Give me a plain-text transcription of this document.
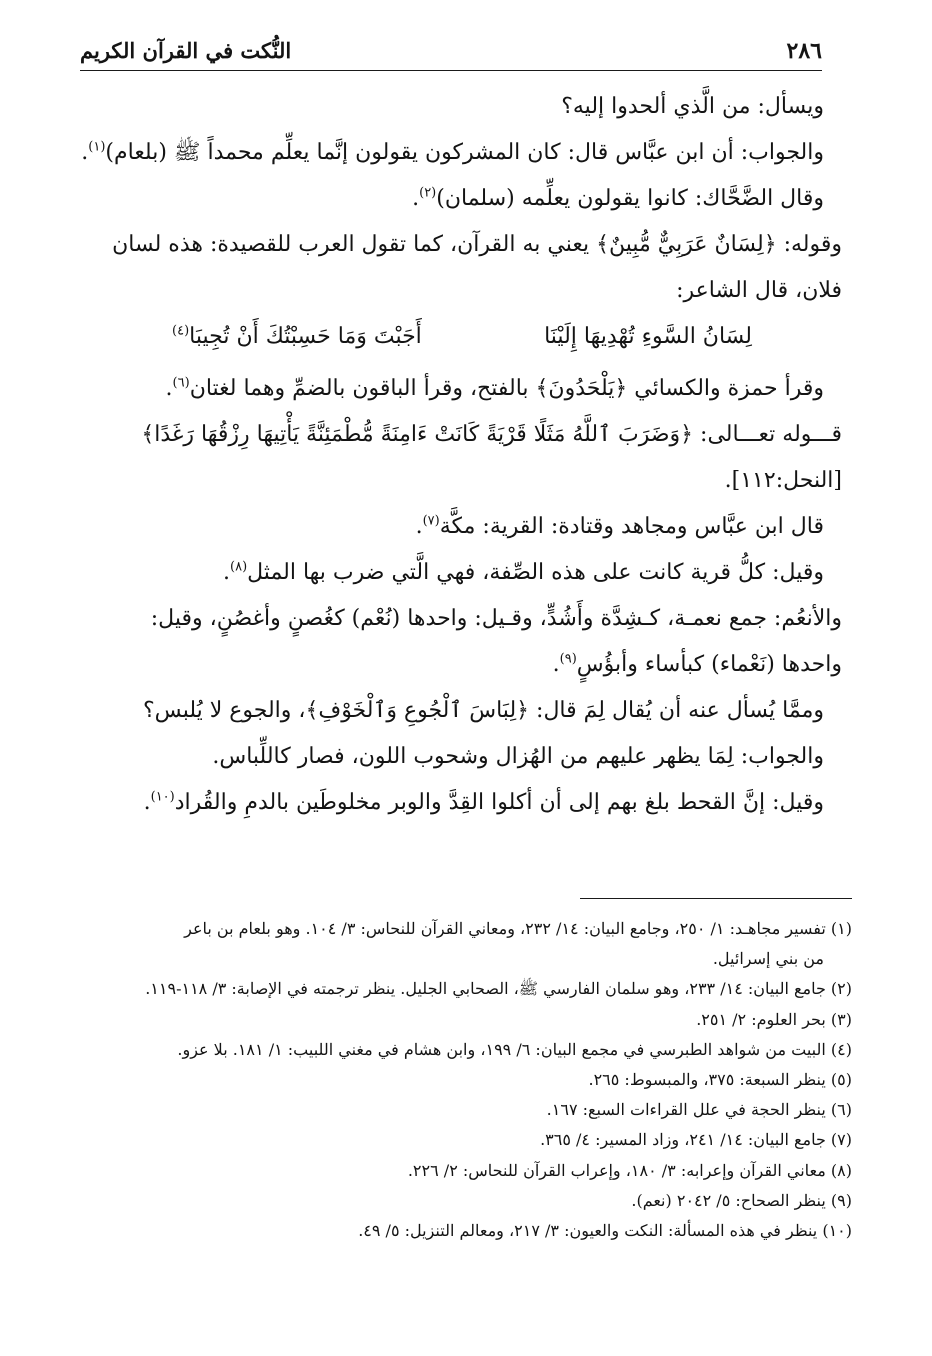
٢٨٦
النُّكت في القرآن الكريم
ويسأل: من الَّذي ألحدوا إليه؟
والجواب: أن ابن عبَّاس قال: كان المشركون يقولون إنَّما يعلِّم محمداً ﷺ (بلعام)$^{(١)}$.
وقال الضَّحَّاك: كانوا يقولون يعلِّمه (سلمان)$^{(٢)}$.
وقوله: ﴿لِسَانٌ عَرَبِيٌّ مُّبِينٌ﴾ يعني به القرآن، كما تقول العرب للقصيدة: هذه لسان
فلان، قال الشاعر:
لِسَانُ السَّوءِ تُهْدِيهَا إِلَيْنَا
أَجَبْتَ وَمَا حَسِبْتُكَ أَنْ تُجِيبَا$^{(٤)}$
وقرأ حمزة والكسائي ﴿يَلْحَدُونَ﴾ بالفتح، وقرأ الباقون بالضمِّ وهما لغتان$^{(٦)}$.
قـــوله تعـــالى: ﴿وَضَرَبَ ٱللَّهُ مَثَلًا قَرْيَةً كَانَتْ ءَامِنَةً مُّطْمَئِنَّةً يَأْتِيهَا رِزْقُهَا رَغَدًا﴾
[النحل:١١٢].
قال ابن عبَّاس ومجاهد وقتادة: القرية: مكَّة$^{(٧)}$.
وقيل: كلُّ قرية كانت على هذه الصِّفة، فهي الَّتي ضرب بها المثل$^{(٨)}$.
والأنعُم: جمع نعمـة، كـشِدَّة وأَشُدٍّ، وقـيل: واحدها (نُعْم) كغُصنٍ وأغصُنٍ، وقيل:
واحدها (نَعْماء) كبأساء وأبؤُسٍ$^{(٩)}$.
وممَّا يُسأل عنه أن يُقال لِمَ قال: ﴿لِبَاسَ ٱلْجُوعِ وَٱلْخَوْفِ﴾، والجوع لا يُلبس؟
والجواب: لِمَا يظهر عليهم من الهُزال وشحوب اللون، فصار كاللِّباس.
وقيل: إنَّ القحط بلغ بهم إلى أن أكلوا القِدَّ والوبر مخلوطَين بالدمِ والقُراد$^{(١٠)}$.
(١) تفسير مجاهـد: ١/ ٢٥٠، وجامع البيان: ١٤/ ٢٣٢، ومعاني القرآن للنحاس: ٣/ ١٠٤. وهو بلعام بن باعر
من بني إسرائيل.
(٢) جامع البيان: ١٤/ ٢٣٣، وهو سلمان الفارسي ﷺ، الصحابي الجليل. ينظر ترجمته في الإصابة: ٣/ ١١٨-١١٩.
(٣) بحر العلوم: ٢/ ٢٥١.
(٤) البيت من شواهد الطبرسي في مجمع البيان: ٦/ ١٩٩، وابن هشام في مغني اللبيب: ١/ ١٨١. بلا عزو.
(٥) ينظر السبعة: ٣٧٥، والمبسوط: ٢٦٥.
(٦) ينظر الحجة في علل القراءات السبع: ١٦٧.
(٧) جامع البيان: ١٤/ ٢٤١، وزاد المسير: ٤/ ٣٦٥.
(٨) معاني القرآن وإعرابه: ٣/ ١٨٠، وإعراب القرآن للنحاس: ٢/ ٢٢٦.
(٩) ينظر الصحاح: ٥/ ٢٠٤٢ (نعم).
(١٠) ينظر في هذه المسألة: النكت والعيون: ٣/ ٢١٧، ومعالم التنزيل: ٥/ ٤٩.
